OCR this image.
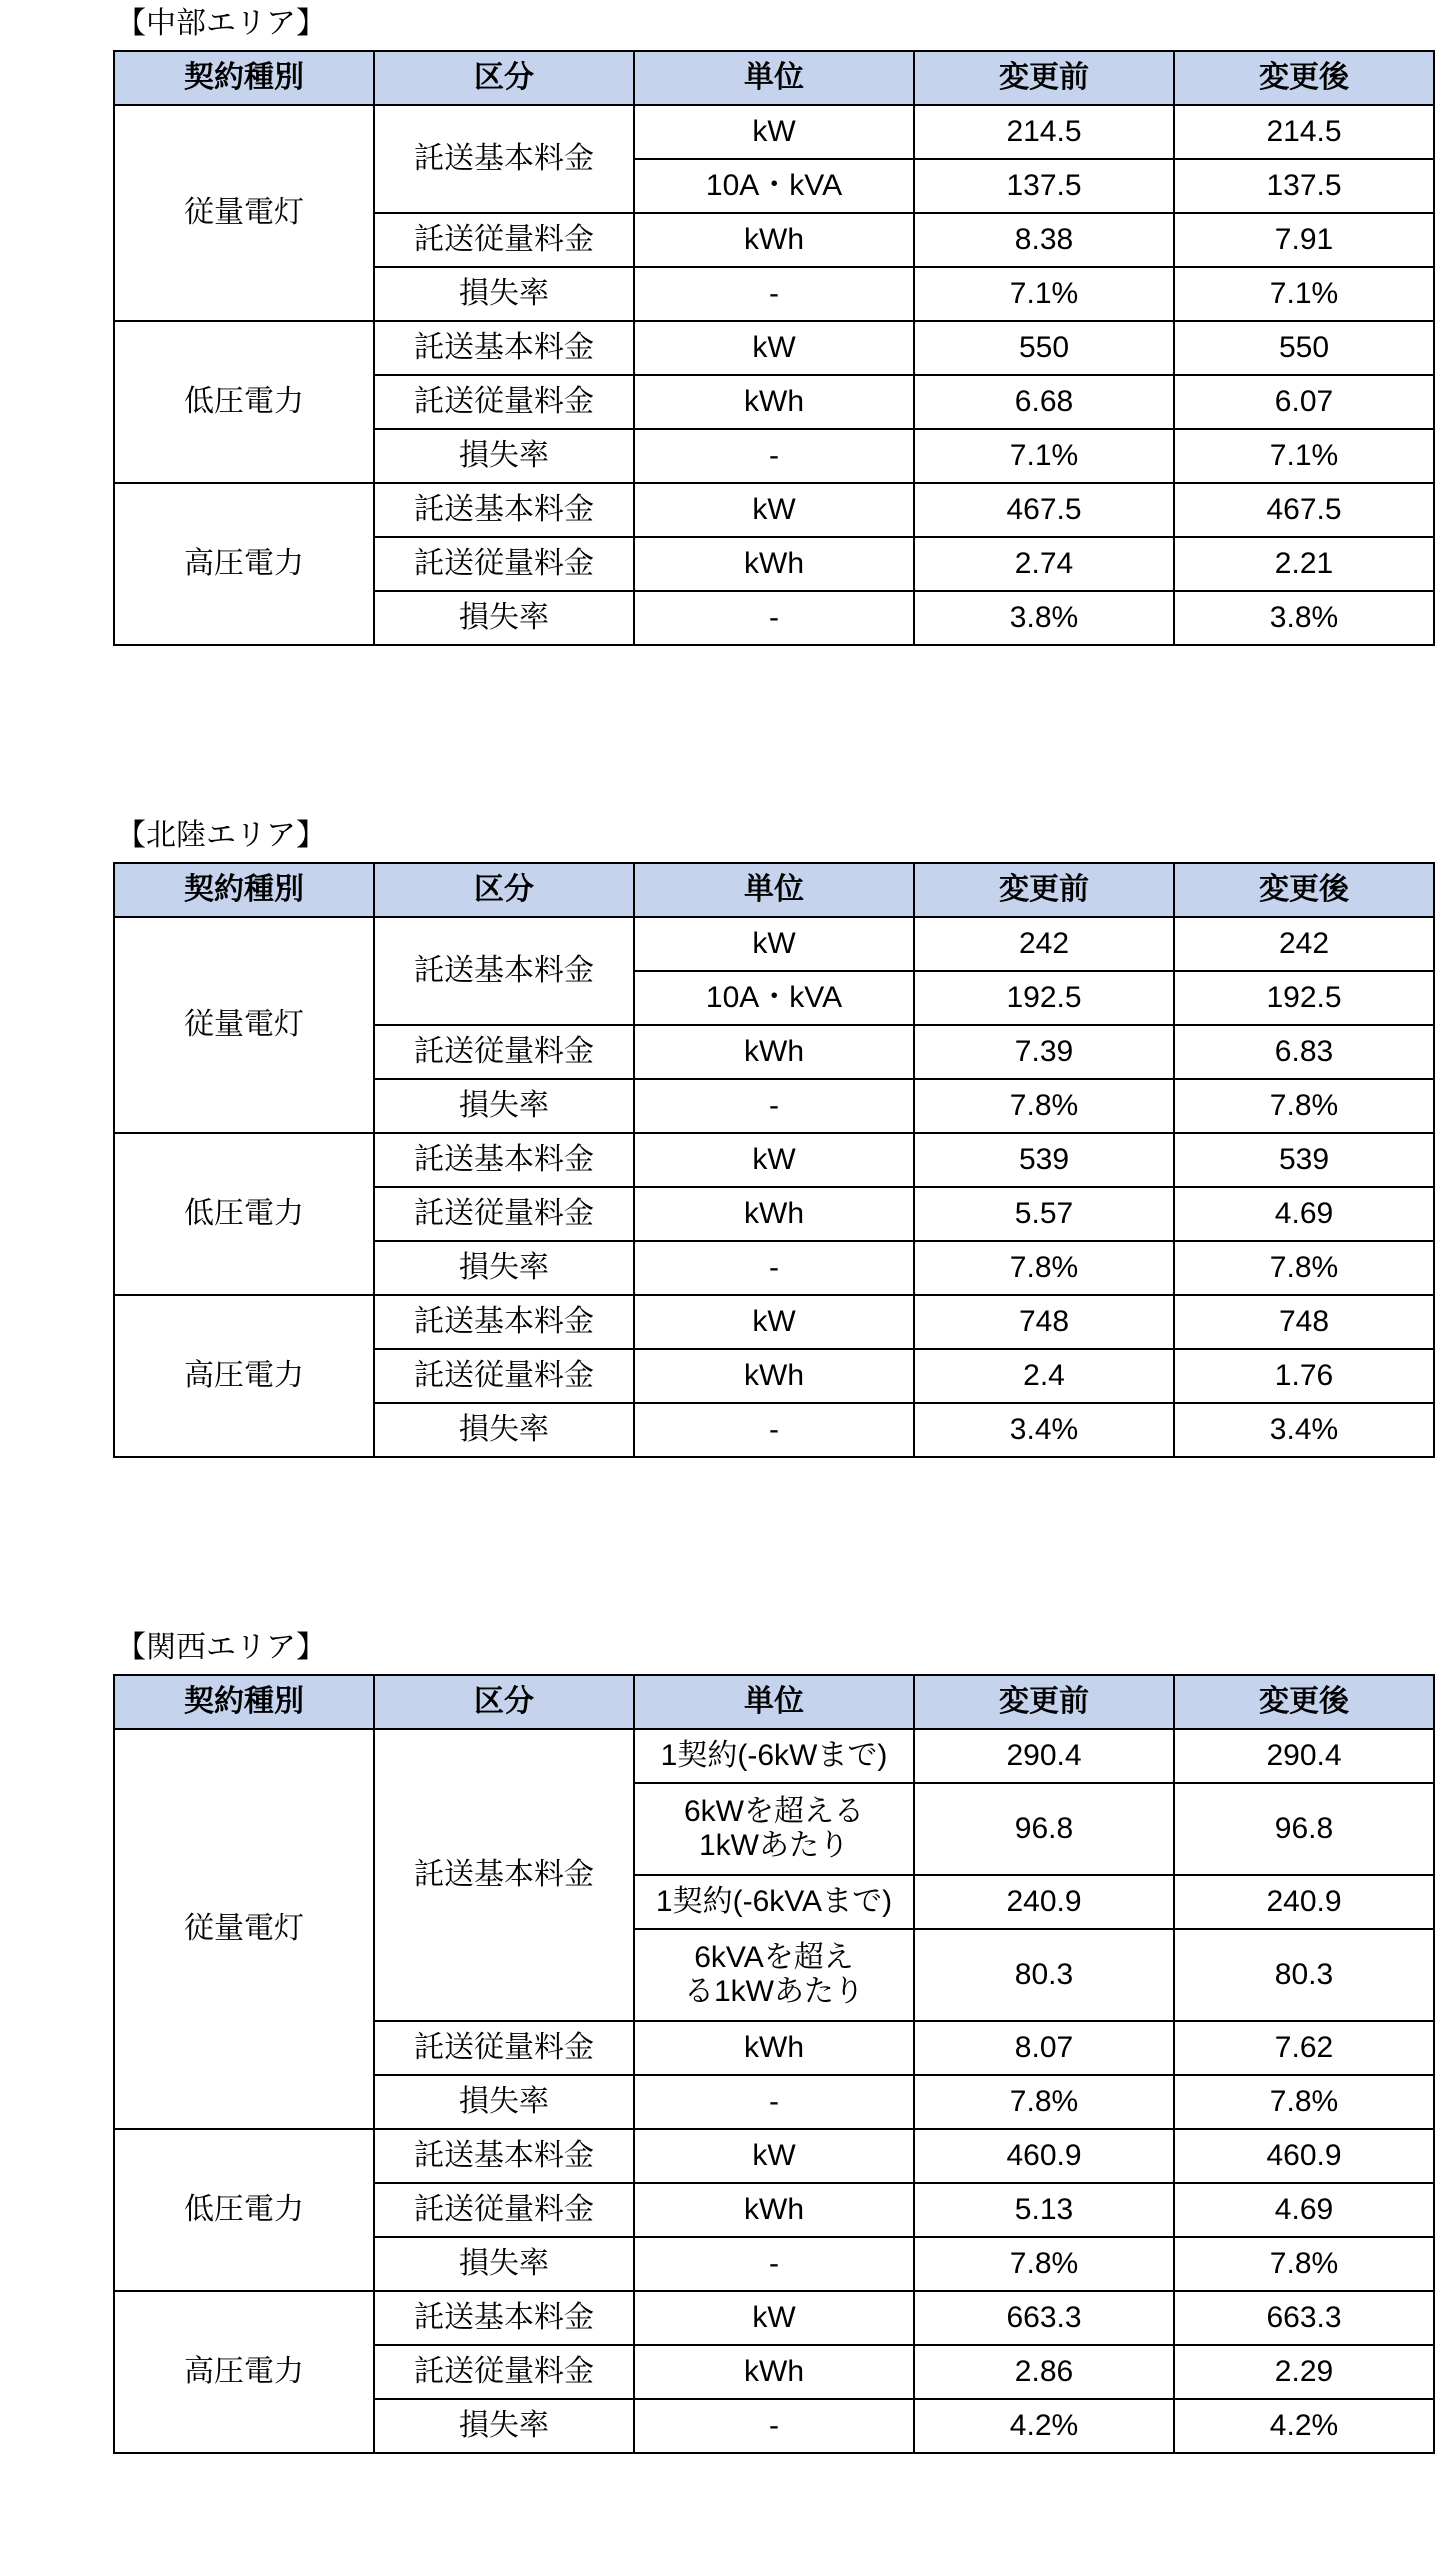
【中部エリア】
契約種別	区分	単位	変更前	変更後
従量電灯	託送基本料金	kW	214.5	214.5
		10A・kVA	137.5	137.5
	託送従量料金	kWh	8.38	7.91
	損失率	-	7.1%	7.1%
低圧電力	託送基本料金	kW	550	550
	託送従量料金	kWh	6.68	6.07
	損失率	-	7.1%	7.1%
高圧電力	託送基本料金	kW	467.5	467.5
	託送従量料金	kWh	2.74	2.21
	損失率	-	3.8%	3.8%
【北陸エリア】
契約種別	区分	単位	変更前	変更後
従量電灯	託送基本料金	kW	242	242
		10A・kVA	192.5	192.5
	託送従量料金	kWh	7.39	6.83
	損失率	-	7.8%	7.8%
低圧電力	託送基本料金	kW	539	539
	託送従量料金	kWh	5.57	4.69
	損失率	-	7.8%	7.8%
高圧電力	託送基本料金	kW	748	748
	託送従量料金	kWh	2.4	1.76
	損失率	-	3.4%	3.4%
【関西エリア】
契約種別	区分	単位	変更前	変更後
従量電灯	託送基本料金	1契約(-6kWまで)	290.4	290.4
		6kWを超える1kWあたり	96.8	96.8
		1契約(-6kVAまで)	240.9	240.9
		6kVAを超える1kWあたり	80.3	80.3
	託送従量料金	kWh	8.07	7.62
	損失率	-	7.8%	7.8%
低圧電力	託送基本料金	kW	460.9	460.9
	託送従量料金	kWh	5.13	4.69
	損失率	-	7.8%	7.8%
高圧電力	託送基本料金	kW	663.3	663.3
	託送従量料金	kWh	2.86	2.29
	損失率	-	4.2%	4.2%
